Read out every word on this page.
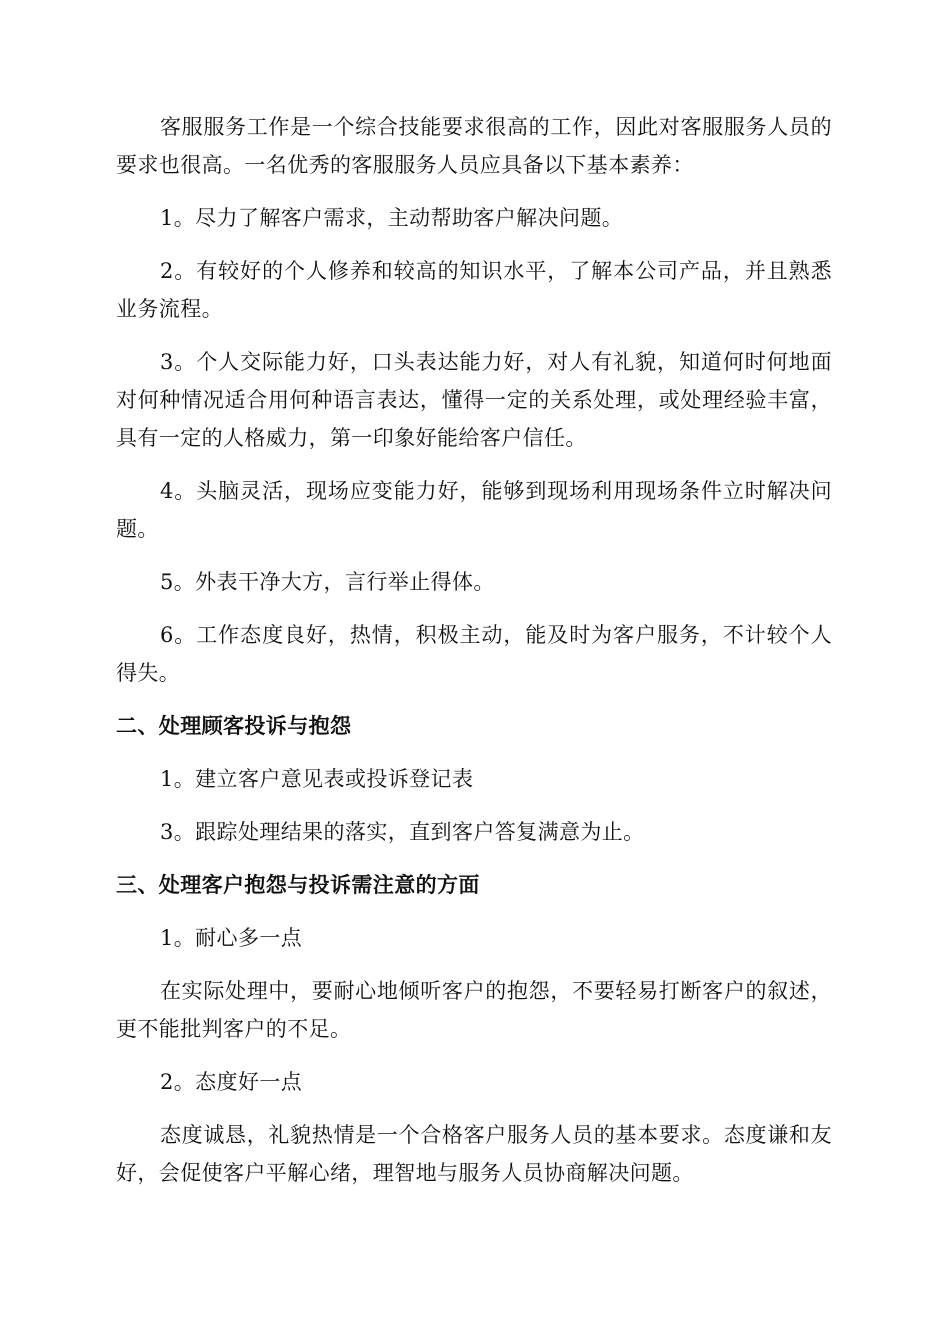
客服服务工作是一个综合技能要求很高的工作，因此对客服服务人员的要求也很高。一名优秀的客服服务人员应具备以下基本素养：

1。尽力了解客户需求，主动帮助客户解决问题。

2。有较好的个人修养和较高的知识水平，了解本公司产品，并且熟悉业务流程。

3。个人交际能力好，口头表达能力好，对人有礼貌，知道何时何地面对何种情况适合用何种语言表达，懂得一定的关系处理，或处理经验丰富，具有一定的人格威力，第一印象好能给客户信任。

4。头脑灵活，现场应变能力好，能够到现场利用现场条件立时解决问题。

5。外表干净大方，言行举止得体。

6。工作态度良好，热情，积极主动，能及时为客户服务，不计较个人得失。

二、处理顾客投诉与抱怨

1。建立客户意见表或投诉登记表

3。跟踪处理结果的落实，直到客户答复满意为止。

三、处理客户抱怨与投诉需注意的方面

1。耐心多一点

在实际处理中，要耐心地倾听客户的抱怨，不要轻易打断客户的叙述，更不能批判客户的不足。

2。态度好一点

态度诚恳，礼貌热情是一个合格客户服务人员的基本要求。态度谦和友好，会促使客户平解心绪，理智地与服务人员协商解决问题。
